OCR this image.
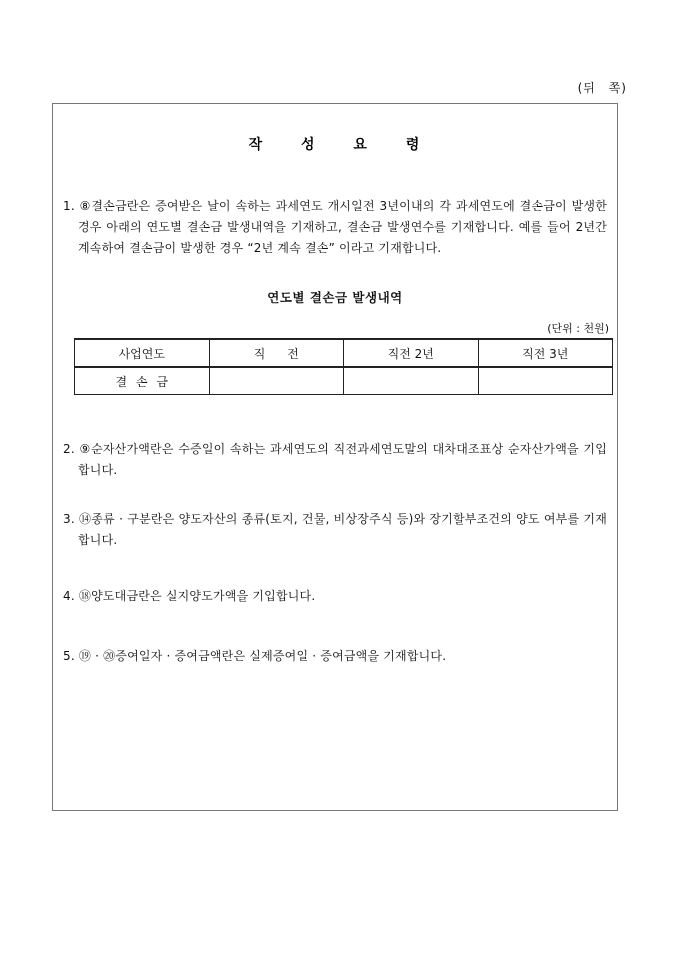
(뒤 쪽)
작 성 요 령

1. ⑧결손금란은 증여받은 날이 속하는 과세연도 개시일전 3년이내의 각 과세연도에 결손금이 발생한 경우 아래의 연도별 결손금 발생내역을 기재하고, 결손금 발생연수를 기재합니다. 예를 들어 2년간 계속하여 결손금이 발생한 경우 “2년 계속 결손” 이라고 기재합니다.

연도별 결손금 발생내역
(단위 : 천원)
사업연도	직 전	직전 2년	직전 3년
결 손 금			

2. ⑨순자산가액란은 수증일이 속하는 과세연도의 직전과세연도말의 대차대조표상 순자산가액을 기입합니다.

3. ⑭종류 · 구분란은 양도자산의 종류(토지, 건물, 비상장주식 등)와 장기할부조건의 양도 여부를 기재합니다.

4. ⑱양도대금란은 실지양도가액을 기입합니다.

5. ⑲ · ⑳증여일자 · 증여금액란은 실제증여일 · 증여금액을 기재합니다.
